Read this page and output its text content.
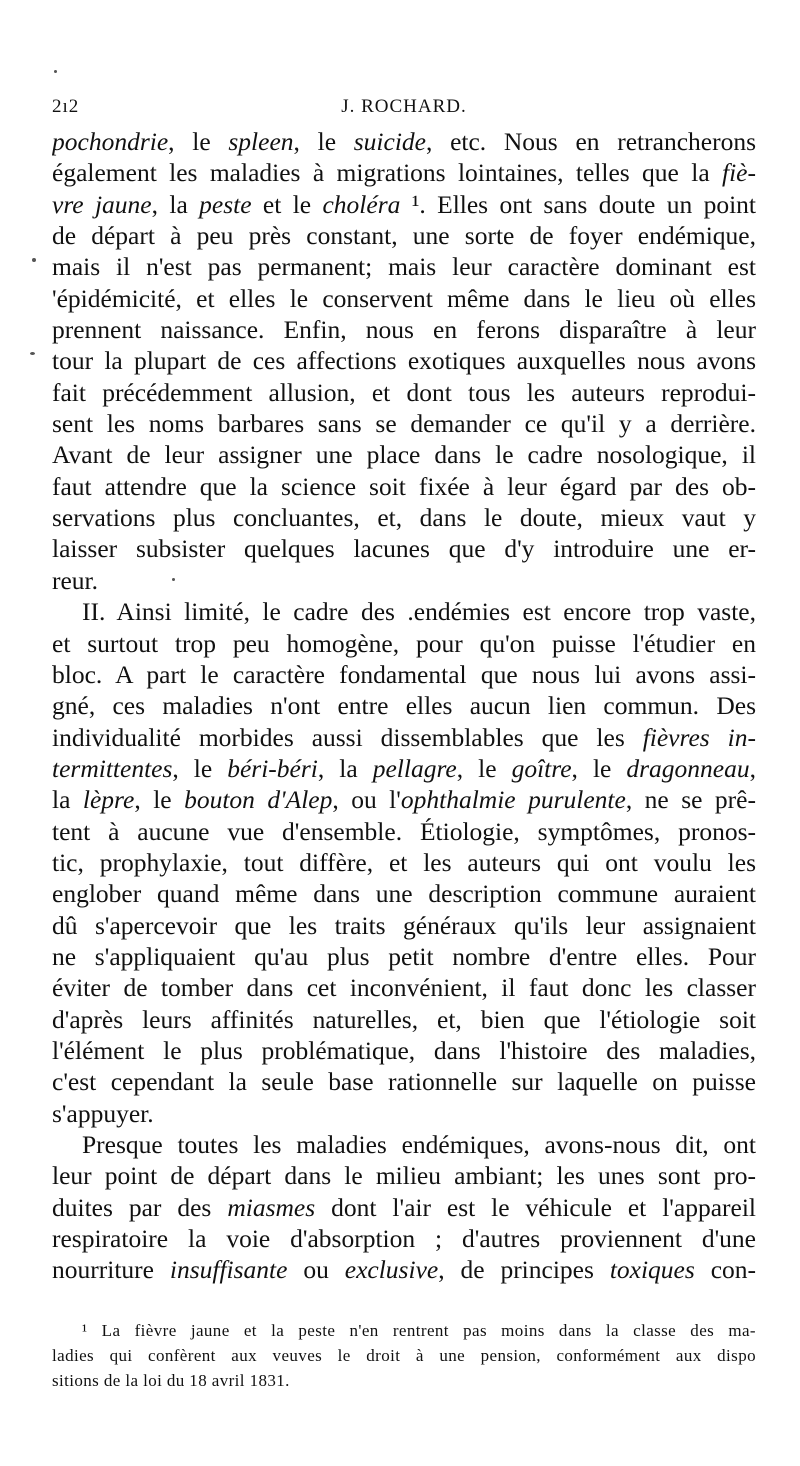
2ı2	J. ROCHARD.
pochondrie, le spleen, le suicide, etc. Nous en retrancherons
également les maladies à migrations lointaines, telles que la fiè-
vre jaune, la peste et le choléra ¹. Elles ont sans doute un point
de départ à peu près constant, une sorte de foyer endémique,
mais il n'est pas permanent; mais leur caractère dominant est
'épidémicité, et elles le conservent même dans le lieu où elles
prennent naissance. Enfin, nous en ferons disparaître à leur
tour la plupart de ces affections exotiques auxquelles nous avons
fait précédemment allusion, et dont tous les auteurs reprodui-
sent les noms barbares sans se demander ce qu'il y a derrière.
Avant de leur assigner une place dans le cadre nosologique, il
faut attendre que la science soit fixée à leur égard par des ob-
servations plus concluantes, et, dans le doute, mieux vaut y
laisser subsister quelques lacunes que d'y introduire une er-
reur.
II. Ainsi limité, le cadre des .endémies est encore trop vaste,
et surtout trop peu homogène, pour qu'on puisse l'étudier en
bloc. A part le caractère fondamental que nous lui avons assi-
gné, ces maladies n'ont entre elles aucun lien commun. Des
individualité morbides aussi dissemblables que les fièvres in-
termittentes, le béri-béri, la pellagre, le goître, le dragonneau,
la lèpre, le bouton d'Alep, ou l'ophthalmie purulente, ne se prê-
tent à aucune vue d'ensemble. Étiologie, symptômes, pronos-
tic, prophylaxie, tout diffère, et les auteurs qui ont voulu les
englober quand même dans une description commune auraient
dû s'apercevoir que les traits généraux qu'ils leur assignaient
ne s'appliquaient qu'au plus petit nombre d'entre elles. Pour
éviter de tomber dans cet inconvénient, il faut donc les classer
d'après leurs affinités naturelles, et, bien que l'étiologie soit
l'élément le plus problématique, dans l'histoire des maladies,
c'est cependant la seule base rationnelle sur laquelle on puisse
s'appuyer.
Presque toutes les maladies endémiques, avons-nous dit, ont
leur point de départ dans le milieu ambiant; les unes sont pro-
duites par des miasmes dont l'air est le véhicule et l'appareil
respiratoire la voie d'absorption ; d'autres proviennent d'une
nourriture insuffisante ou exclusive, de principes toxiques con-
¹ La fièvre jaune et la peste n'en rentrent pas moins dans la classe des ma-
ladies qui confèrent aux veuves le droit à une pension, conformément aux dispo
sitions de la loi du 18 avril 1831.
